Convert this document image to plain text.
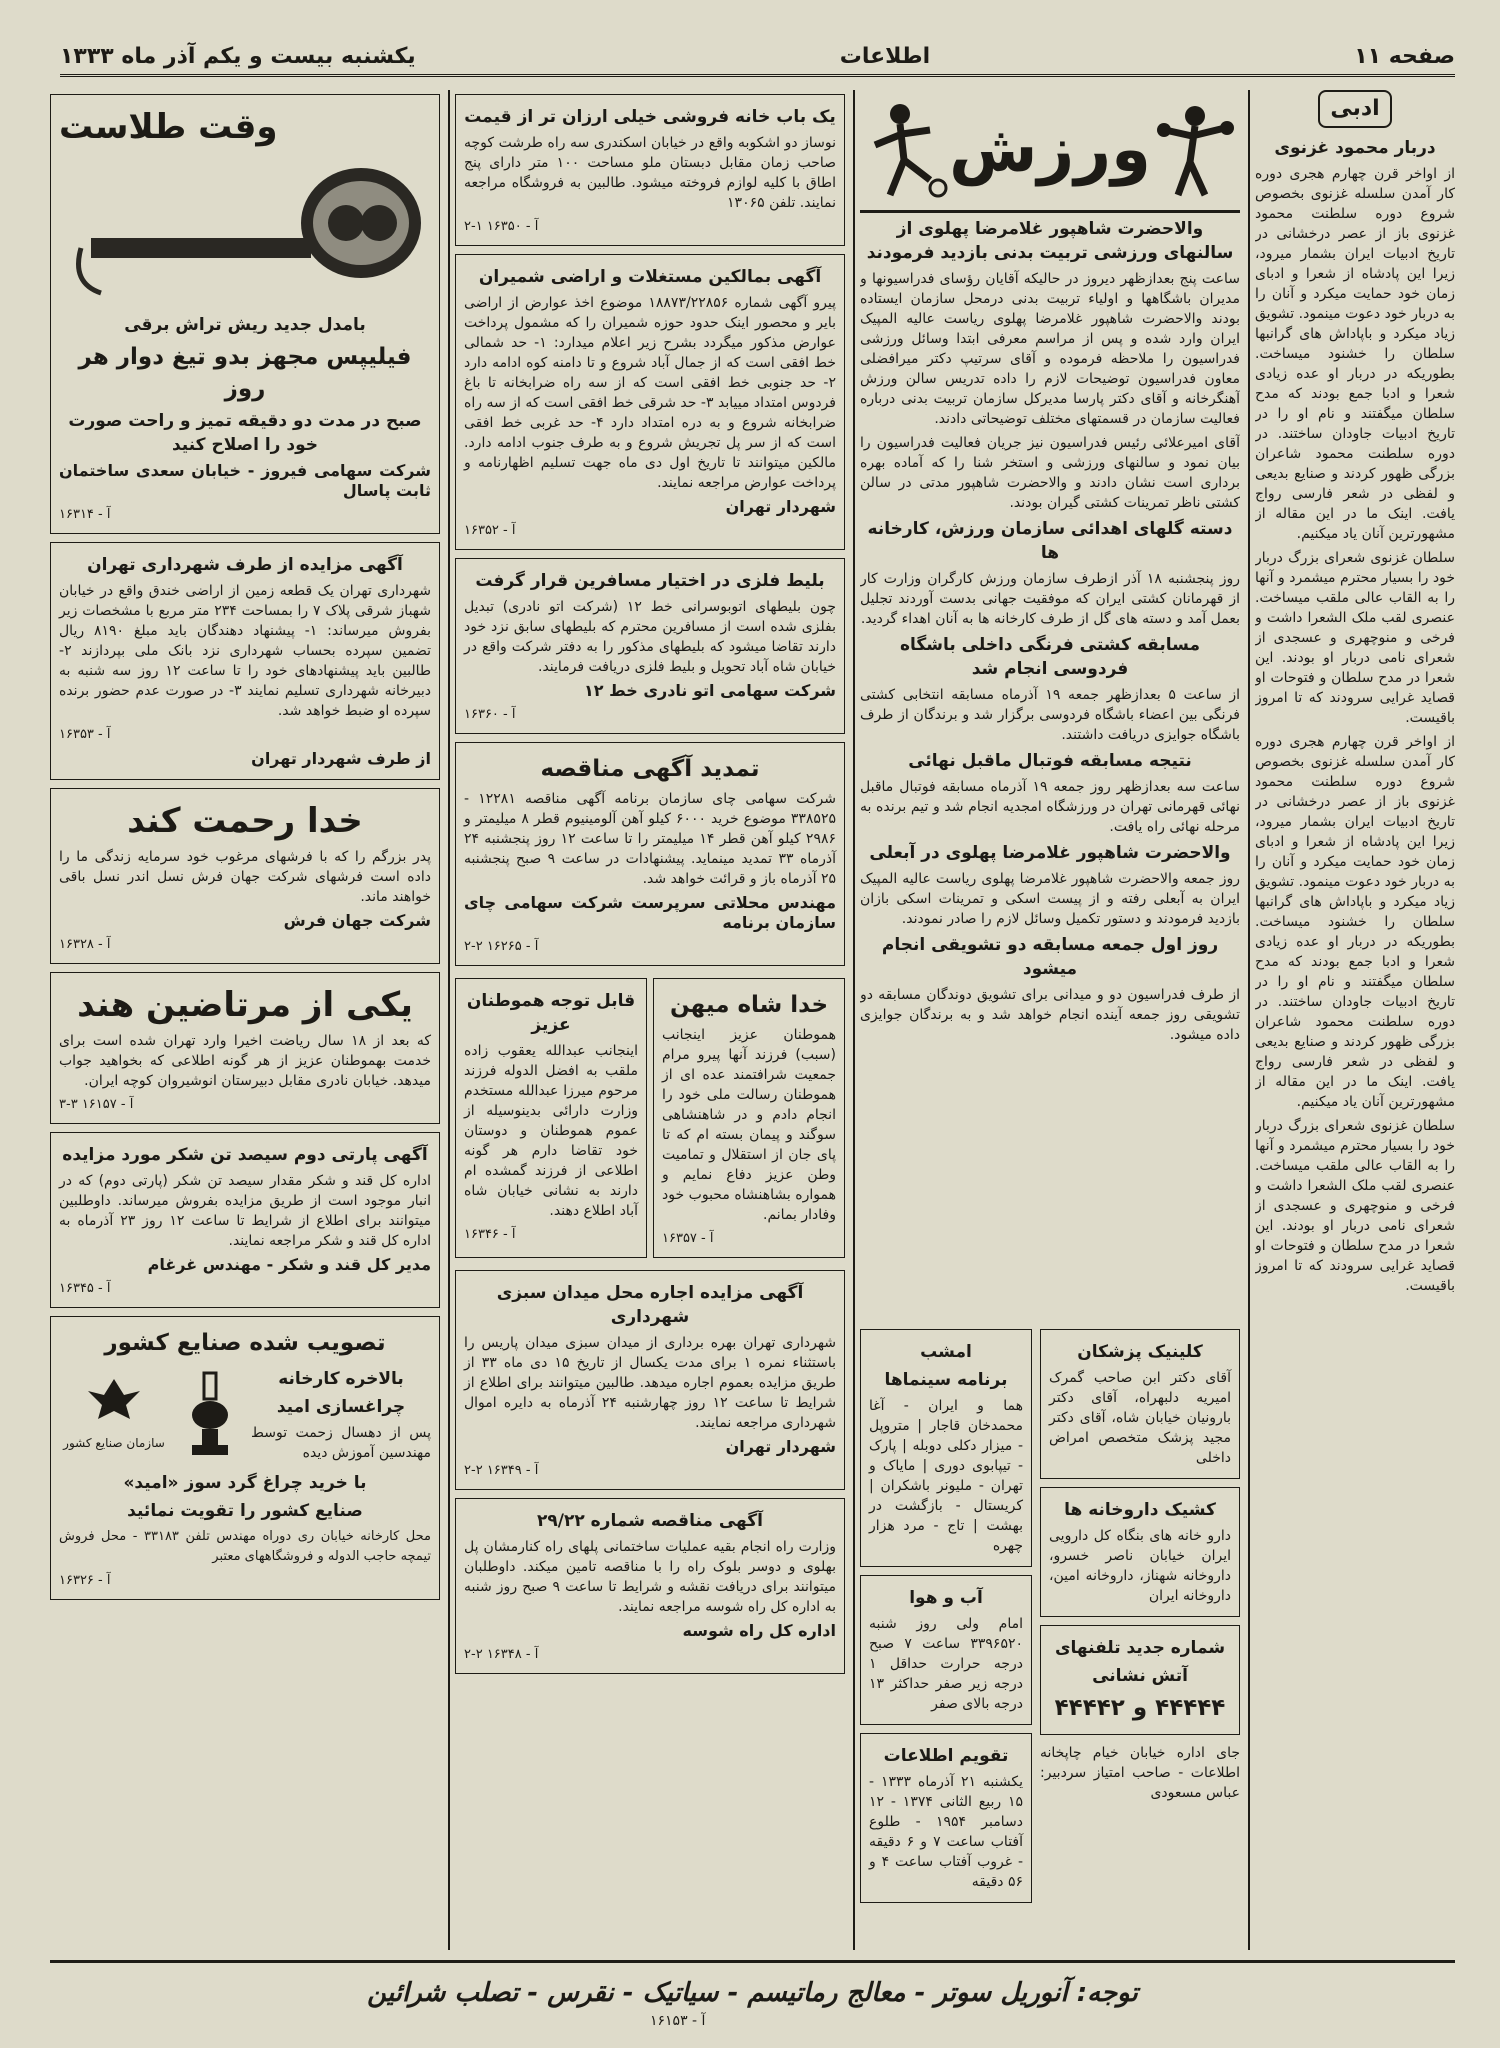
صفحه ۱۱
اطلاعات
یکشنبه بیست و یکم آذر ماه ۱۳۳۳
ادبی
دربار محمود غزنوی
از اواخر قرن چهارم هجری دوره کار آمدن سلسله غزنوی بخصوص شروع دوره سلطنت محمود غزنوی باز از عصر درخشانی در تاریخ ادبیات ایران بشمار میرود، زیرا این پادشاه از شعرا و ادبای زمان خود حمایت میکرد و آنان را به دربار خود دعوت مینمود. تشویق زیاد میکرد و باپاداش های گرانبها سلطان را خشنود میساخت. بطوریکه در دربار او عده زیادی شعرا و ادبا جمع بودند که مدح سلطان میگفتند و نام او را در تاریخ ادبیات جاودان ساختند. در دوره سلطنت محمود شاعران بزرگی ظهور کردند و صنایع بدیعی و لفظی در شعر فارسی رواج یافت. اینک ما در این مقاله از مشهورترین آنان یاد میکنیم.
سلطان غزنوی شعرای بزرگ دربار خود را بسیار محترم میشمرد و آنها را به القاب عالی ملقب میساخت. عنصری لقب ملک الشعرا داشت و فرخی و منوچهری و عسجدی از شعرای نامی دربار او بودند. این شعرا در مدح سلطان و فتوحات او قصاید غرایی سرودند که تا امروز باقیست.
از اواخر قرن چهارم هجری دوره کار آمدن سلسله غزنوی بخصوص شروع دوره سلطنت محمود غزنوی باز از عصر درخشانی در تاریخ ادبیات ایران بشمار میرود، زیرا این پادشاه از شعرا و ادبای زمان خود حمایت میکرد و آنان را به دربار خود دعوت مینمود. تشویق زیاد میکرد و باپاداش های گرانبها سلطان را خشنود میساخت. بطوریکه در دربار او عده زیادی شعرا و ادبا جمع بودند که مدح سلطان میگفتند و نام او را در تاریخ ادبیات جاودان ساختند. در دوره سلطنت محمود شاعران بزرگی ظهور کردند و صنایع بدیعی و لفظی در شعر فارسی رواج یافت. اینک ما در این مقاله از مشهورترین آنان یاد میکنیم.
سلطان غزنوی شعرای بزرگ دربار خود را بسیار محترم میشمرد و آنها را به القاب عالی ملقب میساخت. عنصری لقب ملک الشعرا داشت و فرخی و منوچهری و عسجدی از شعرای نامی دربار او بودند. این شعرا در مدح سلطان و فتوحات او قصاید غرایی سرودند که تا امروز باقیست.
ورزش
والاحضرت شاهپور غلامرضا پهلوی از سالنهای ورزشی تربیت بدنی بازدید فرمودند
ساعت پنج بعدازظهر دیروز در حالیکه آقایان رؤسای فدراسیونها و مدیران باشگاهها و اولیاء تربیت بدنی درمحل سازمان ایستاده بودند والاحضرت شاهپور غلامرضا پهلوی ریاست عالیه المپیک ایران وارد شده و پس از مراسم معرفی ابتدا وسائل ورزشی فدراسیون را ملاحظه فرموده و آقای سرتیپ دکتر میرافضلی معاون فدراسیون توضیحات لازم را داده تدریس سالن ورزش آهنگرخانه و آقای دکتر پارسا مدیرکل سازمان تربیت بدنی درباره فعالیت سازمان در قسمتهای مختلف توضیحاتی دادند.
آقای امیرعلائی رئیس فدراسیون نیز جریان فعالیت فدراسیون را بیان نمود و سالنهای ورزشی و استخر شنا را که آماده بهره برداری است نشان دادند و والاحضرت شاهپور مدتی در سالن کشتی ناظر تمرینات کشتی گیران بودند.
دسته گلهای اهدائی سازمان ورزش، کارخانه ها
روز پنجشنبه ۱۸ آذر ازطرف سازمان ورزش کارگران وزارت کار از قهرمانان کشتی ایران که موفقیت جهانی بدست آوردند تجلیل بعمل آمد و دسته های گل از طرف کارخانه ها به آنان اهداء گردید.
مسابقه کشتی فرنگی داخلی باشگاه فردوسی انجام شد
از ساعت ۵ بعدازظهر جمعه ۱۹ آذرماه مسابقه انتخابی کشتی فرنگی بین اعضاء باشگاه فردوسی برگزار شد و برندگان از طرف باشگاه جوایزی دریافت داشتند.
نتیجه مسابقه فوتبال ماقبل نهائی
ساعت سه بعدازظهر روز جمعه ۱۹ آذرماه مسابقه فوتبال ماقبل نهائی قهرمانی تهران در ورزشگاه امجدیه انجام شد و تیم برنده به مرحله نهائی راه یافت.
والاحضرت شاهپور غلامرضا پهلوی در آبعلی
روز جمعه والاحضرت شاهپور غلامرضا پهلوی ریاست عالیه المپیک ایران به آبعلی رفته و از پیست اسکی و تمرینات اسکی بازان بازدید فرمودند و دستور تکمیل وسائل لازم را صادر نمودند.
روز اول جمعه مسابقه دو تشویقی انجام میشود
از طرف فدراسیون دو و میدانی برای تشویق دوندگان مسابقه دو تشویقی روز جمعه آینده انجام خواهد شد و به برندگان جوایزی داده میشود.
کلینیک پزشکان
آقای دکتر ابن صاحب گمرک امیریه دلبهراه، آقای دکتر بارونیان خیابان شاه، آقای دکتر مجید پزشک متخصص امراض داخلی
کشیک داروخانه ها
دارو خانه های بنگاه کل دارویی ایران خیابان ناصر خسرو، داروخانه شهناز، داروخانه امین، داروخانه ایران
شماره جدید تلفنهای
آتش نشانی
۴۴۴۴۴ و ۴۴۴۴۲
جای اداره خیابان خیام چاپخانه اطلاعات - صاحب امتیاز سردبیر: عباس مسعودی
امشب
برنامه سینماها
هما و ایران - آغا محمدخان قاجار | متروپل - میزار دکلی دوبله | پارک - تیپابوی دوری | مایاک و تهران - ملیونر باشکران | کریستال - بازگشت در بهشت | تاج - مرد هزار چهره
آب و هوا
امام ولی روز شنبه ۳۳۹۶۵۲۰ ساعت ۷ صبح درجه حرارت حداقل ۱ درجه زیر صفر حداکثر ۱۳ درجه بالای صفر
تقویم اطلاعات
یکشنبه ۲۱ آذرماه ۱۳۳۳ - ۱۵ ربیع الثانی ۱۳۷۴ - ۱۲ دسامبر ۱۹۵۴ - طلوع آفتاب ساعت ۷ و ۶ دقیقه - غروب آفتاب ساعت ۴ و ۵۶ دقیقه
یک باب خانه فروشی خیلی ارزان تر از قیمت
نوساز دو اشکوبه واقع در خیابان اسکندری سه راه طرشت کوچه صاحب زمان مقابل دبستان ملو مساحت ۱۰۰ متر دارای پنج اطاق با کلیه لوازم فروخته میشود. طالبین به فروشگاه مراجعه نمایند. تلفن ۱۳۰۶۵
آ - ۱۶۳۵۰ ۱-۲
آگهی بمالکین مستغلات و اراضی شمیران
پیرو آگهی شماره ۱۸۸۷۳/۲۲۸۵۶ موضوع اخذ عوارض از اراضی بایر و محصور اینک حدود حوزه شمیران را که مشمول پرداخت عوارض مذکور میگردد بشرح زیر اعلام میدارد: ۱- حد شمالی خط افقی است که از جمال آباد شروع و تا دامنه کوه ادامه دارد ۲- حد جنوبی خط افقی است که از سه راه ضرابخانه تا باغ فردوس امتداد مییابد ۳- حد شرقی خط افقی است که از سه راه ضرابخانه شروع و به دره امتداد دارد ۴- حد غربی خط افقی است که از سر پل تجریش شروع و به طرف جنوب ادامه دارد. مالکین میتوانند تا تاریخ اول دی ماه جهت تسلیم اظهارنامه و پرداخت عوارض مراجعه نمایند.
شهردار تهران
آ - ۱۶۳۵۲
بلیط فلزی در اختیار مسافرین قرار گرفت
چون بلیطهای اتوبوسرانی خط ۱۲ (شرکت اتو نادری) تبدیل بفلزی شده است از مسافرین محترم که بلیطهای سابق نزد خود دارند تقاضا میشود که بلیطهای مذکور را به دفتر شرکت واقع در خیابان شاه آباد تحویل و بلیط فلزی دریافت فرمایند.
شرکت سهامی اتو نادری خط ۱۲
آ - ۱۶۳۶۰
تمدید آگهی مناقصه
شرکت سهامی چای سازمان برنامه آگهی مناقصه ۱۲۲۸۱ - ۳۳۸۵۲۵ موضوع خرید ۶۰۰۰ کیلو آهن آلومینیوم قطر ۸ میلیمتر و ۲۹۸۶ کیلو آهن قطر ۱۴ میلیمتر را تا ساعت ۱۲ روز پنجشنبه ۲۴ آذرماه ۳۳ تمدید مینماید. پیشنهادات در ساعت ۹ صبح پنجشنبه ۲۵ آذرماه باز و قرائت خواهد شد.
مهندس محلاتی سرپرست شرکت سهامی چای سازمان برنامه
آ - ۱۶۲۶۵ ۲-۲
خدا شاه میهن
هموطنان عزیز اینجانب (سبب) فرزند آنها پیرو مرام جمعیت شرافتمند عده ای از هموطنان رسالت ملی خود را انجام دادم و در شاهنشاهی سوگند و پیمان بسته ام که تا پای جان از استقلال و تمامیت وطن عزیز دفاع نمایم و همواره بشاهنشاه محبوب خود وفادار بمانم.
آ - ۱۶۳۵۷
قابل توجه هموطنان عزیز
اینجانب عبدالله یعقوب زاده ملقب به افضل الدوله فرزند مرحوم میرزا عبدالله مستخدم وزارت دارائی بدینوسیله از عموم هموطنان و دوستان خود تقاضا دارم هر گونه اطلاعی از فرزند گمشده ام دارند به نشانی خیابان شاه آباد اطلاع دهند.
آ - ۱۶۳۴۶
آگهی مزایده اجاره محل میدان سبزی شهرداری
شهرداری تهران بهره برداری از میدان سبزی میدان پاریس را باستثناء نمره ۱ برای مدت یکسال از تاریخ ۱۵ دی ماه ۳۳ از طریق مزایده بعموم اجاره میدهد. طالبین میتوانند برای اطلاع از شرایط تا ساعت ۱۲ روز چهارشنبه ۲۴ آذرماه به دایره اموال شهرداری مراجعه نمایند.
شهردار تهران
آ - ۱۶۳۴۹ ۲-۲
آگهی مناقصه شماره ۲۹/۲۲
وزارت راه انجام بقیه عملیات ساختمانی پلهای راه کنارمشان پل بهلوی و دوسر بلوک راه را با مناقصه تامین میکند. داوطلبان میتوانند برای دریافت نقشه و شرایط تا ساعت ۹ صبح روز شنبه به اداره کل راه شوسه مراجعه نمایند.
اداره کل راه شوسه
آ - ۱۶۳۴۸ ۲-۲
وقت طلاست
بامدل جدید ریش تراش برقی
فیلیپس مجهز بدو تیغ دوار هر روز
صبح در مدت دو دقیقه تمیز و راحت صورت خود را اصلاح کنید
شرکت سهامی فیروز - خیابان سعدی ساختمان ثابت پاسال
آ - ۱۶۳۱۴
آگهی مزایده از طرف شهرداری تهران
شهرداری تهران یک قطعه زمین از اراضی خندق واقع در خیابان شهباز شرقی پلاک ۷ را بمساحت ۲۳۴ متر مربع با مشخصات زیر بفروش میرساند: ۱- پیشنهاد دهندگان باید مبلغ ۸۱۹۰ ریال تضمین سپرده بحساب شهرداری نزد بانک ملی بپردازند ۲- طالبین باید پیشنهادهای خود را تا ساعت ۱۲ روز سه شنبه به دبیرخانه شهرداری تسلیم نمایند ۳- در صورت عدم حضور برنده سپرده او ضبط خواهد شد.
آ - ۱۶۳۵۳
از طرف شهردار تهران
خدا رحمت کند
پدر بزرگم را که با فرشهای مرغوب خود سرمایه زندگی ما را داده است فرشهای شرکت جهان فرش نسل اندر نسل باقی خواهند ماند.
شرکت جهان فرش
آ - ۱۶۳۲۸
یکی از مرتاضین هند
که بعد از ۱۸ سال ریاضت اخیرا وارد تهران شده است برای خدمت بهموطنان عزیز از هر گونه اطلاعی که بخواهید جواب میدهد. خیابان نادری مقابل دبیرستان انوشیروان کوچه ایران.
آ - ۱۶۱۵۷ ۳-۳
آگهی پارتی دوم سیصد تن شکر مورد مزایده
اداره کل قند و شکر مقدار سیصد تن شکر (پارتی دوم) که در انبار موجود است از طریق مزایده بفروش میرساند. داوطلبین میتوانند برای اطلاع از شرایط تا ساعت ۱۲ روز ۲۳ آذرماه به اداره کل قند و شکر مراجعه نمایند.
مدیر کل قند و شکر - مهندس غرغام
آ - ۱۶۳۴۵
تصویب شده صنایع کشور
بالاخره کارخانه
چراغسازی امید
پس از دهسال زحمت توسط مهندسین آموزش دیده
سازمان صنایع کشور
با خرید چراغ گرد سوز «امید»
صنایع کشور را تقویت نمائید
محل کارخانه خیابان ری دوراه مهندس تلفن ۳۳۱۸۳ - محل فروش تیمچه حاجب الدوله و فروشگاههای معتبر
آ - ۱۶۳۲۶
توجه: آنوریل سوتر - معالج رماتیسم - سیاتیک - نقرس - تصلب شرائین
آ - ۱۶۱۵۳
